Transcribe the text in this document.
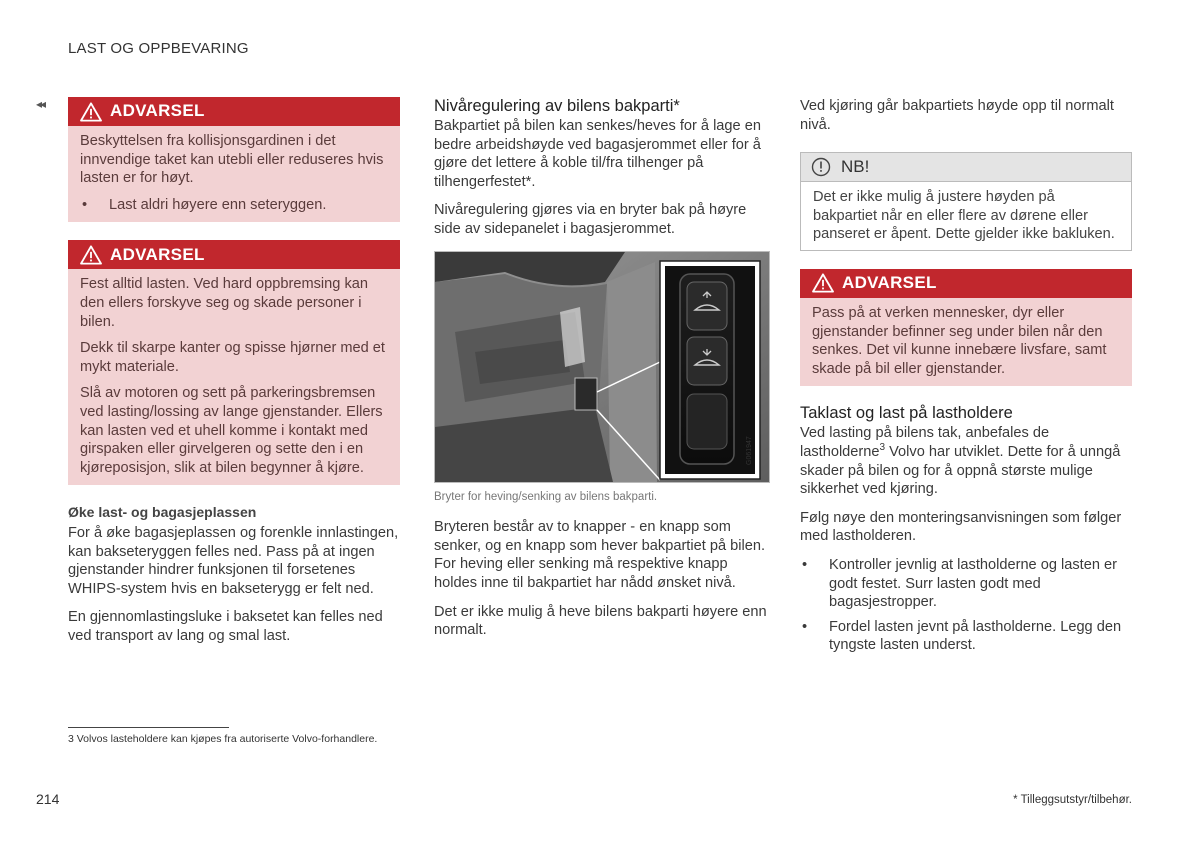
LAST OG OPPBEVARING
◂◂	ADVARSEL

Beskyttelsen fra kollisjonsgardinen i det innvendige taket kan utebli eller reduseres hvis lasten er for høyt.

•	Last aldri høyere enn seteryggen.
ADVARSEL

Fest alltid lasten. Ved hard oppbremsing kan den ellers forskyve seg og skade personer i bilen.

Dekk til skarpe kanter og spisse hjørner med et mykt materiale.

Slå av motoren og sett på parkeringsbremsen ved lasting/lossing av lange gjenstander. Ellers kan lasten ved et uhell komme i kontakt med girspaken eller girvelgeren og sette den i en kjøreposisjon, slik at bilen begynner å kjøre.

Øke last- og bagasjeplassen

For å øke bagasjeplassen og forenkle innlastingen, kan bakseteryggen felles ned. Pass på at ingen gjenstander hindrer funksjonen til forsetenes WHIPS-system hvis en bakseterygg er felt ned.

En gjennomlastingsluke i baksetet kan felles ned ved transport av lang og smal last.

Nivåregulering av bilens bakparti*

Bakpartiet på bilen kan senkes/heves for å lage en bedre arbeidshøyde ved bagasjerommet eller for å gjøre det lettere å koble til/fra tilhenger på tilhengerfestet*.

Nivåregulering gjøres via en bryter bak på høyre side av sidepanelet i bagasjerommet.

G061947
Bryter for heving/senking av bilens bakparti.

Bryteren består av to knapper - en knapp som senker, og en knapp som hever bakpartiet på bilen. For heving eller senking må respektive knapp holdes inne til bakpartiet har nådd ønsket nivå.

Det er ikke mulig å heve bilens bakparti høyere enn normalt.

Ved kjøring går bakpartiets høyde opp til normalt nivå.

NB!
Det er ikke mulig å justere høyden på bakpartiet når en eller flere av dørene eller panseret er åpent. Dette gjelder ikke bakluken.
ADVARSEL
Pass på at verken mennesker, dyr eller gjenstander befinner seg under bilen når den senkes. Det vil kunne innebære livsfare, samt skade på bil eller gjenstander.
Taklast og last på lastholdere

Ved lasting på bilens tak, anbefales de lastholderne$^3$ Volvo har utviklet. Dette for å unngå skader på bilen og for å oppnå største mulige sikkerhet ved kjøring.

Følg nøye den monteringsanvisningen som følger med lastholderen.

•	Kontroller jevnlig at lastholderne og lasten er godt festet. Surr lasten godt med bagasjestropper.
•	Fordel lasten jevnt på lastholderne. Legg den tyngste lasten underst.
3 Volvos lasteholdere kan kjøpes fra autoriserte Volvo-forhandlere.
214	* Tilleggsutstyr/tilbehør.
